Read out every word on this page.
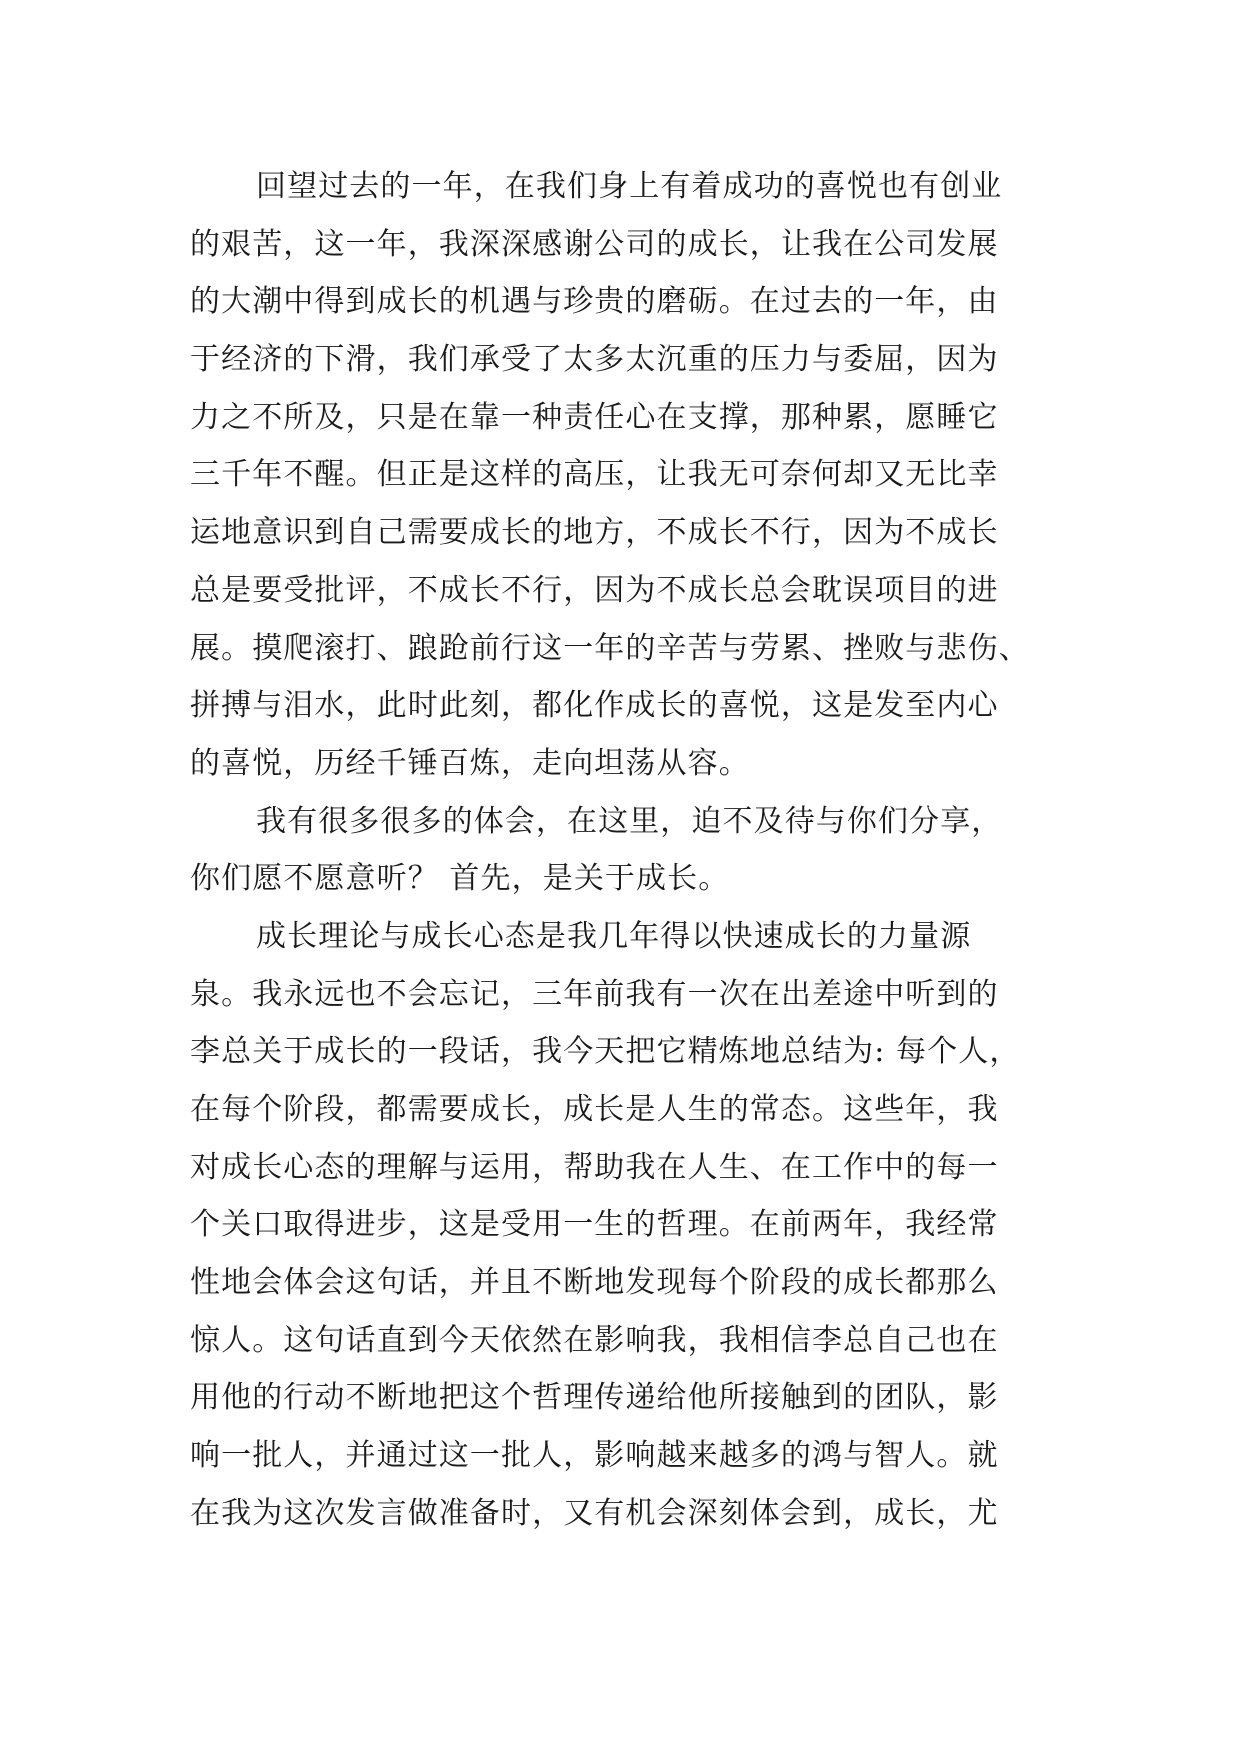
回望过去的一年，在我们身上有着成功的喜悦也有创业
的艰苦，这一年，我深深感谢公司的成长，让我在公司发展
的大潮中得到成长的机遇与珍贵的磨砺。在过去的一年，由
于经济的下滑，我们承受了太多太沉重的压力与委屈，因为
力之不所及，只是在靠一种责任心在支撑，那种累，愿睡它
三千年不醒。但正是这样的高压，让我无可奈何却又无比幸
运地意识到自己需要成长的地方，不成长不行，因为不成长
总是要受批评，不成长不行，因为不成长总会耽误项目的进
展。摸爬滚打、踉跄前行这一年的辛苦与劳累、挫败与悲伤、
拼搏与泪水，此时此刻，都化作成长的喜悦，这是发至内心
的喜悦，历经千锤百炼，走向坦荡从容。
我有很多很多的体会，在这里，迫不及待与你们分享，
你们愿不愿意听？ 首先，是关于成长。
成长理论与成长心态是我几年得以快速成长的力量源
泉。我永远也不会忘记，三年前我有一次在出差途中听到的
李总关于成长的一段话，我今天把它精炼地总结为: 每个人，
在每个阶段，都需要成长，成长是人生的常态。这些年，我
对成长心态的理解与运用，帮助我在人生、在工作中的每一
个关口取得进步，这是受用一生的哲理。在前两年，我经常
性地会体会这句话，并且不断地发现每个阶段的成长都那么
惊人。这句话直到今天依然在影响我，我相信李总自己也在
用他的行动不断地把这个哲理传递给他所接触到的团队，影
响一批人，并通过这一批人，影响越来越多的鸿与智人。就
在我为这次发言做准备时，又有机会深刻体会到，成长，尤
